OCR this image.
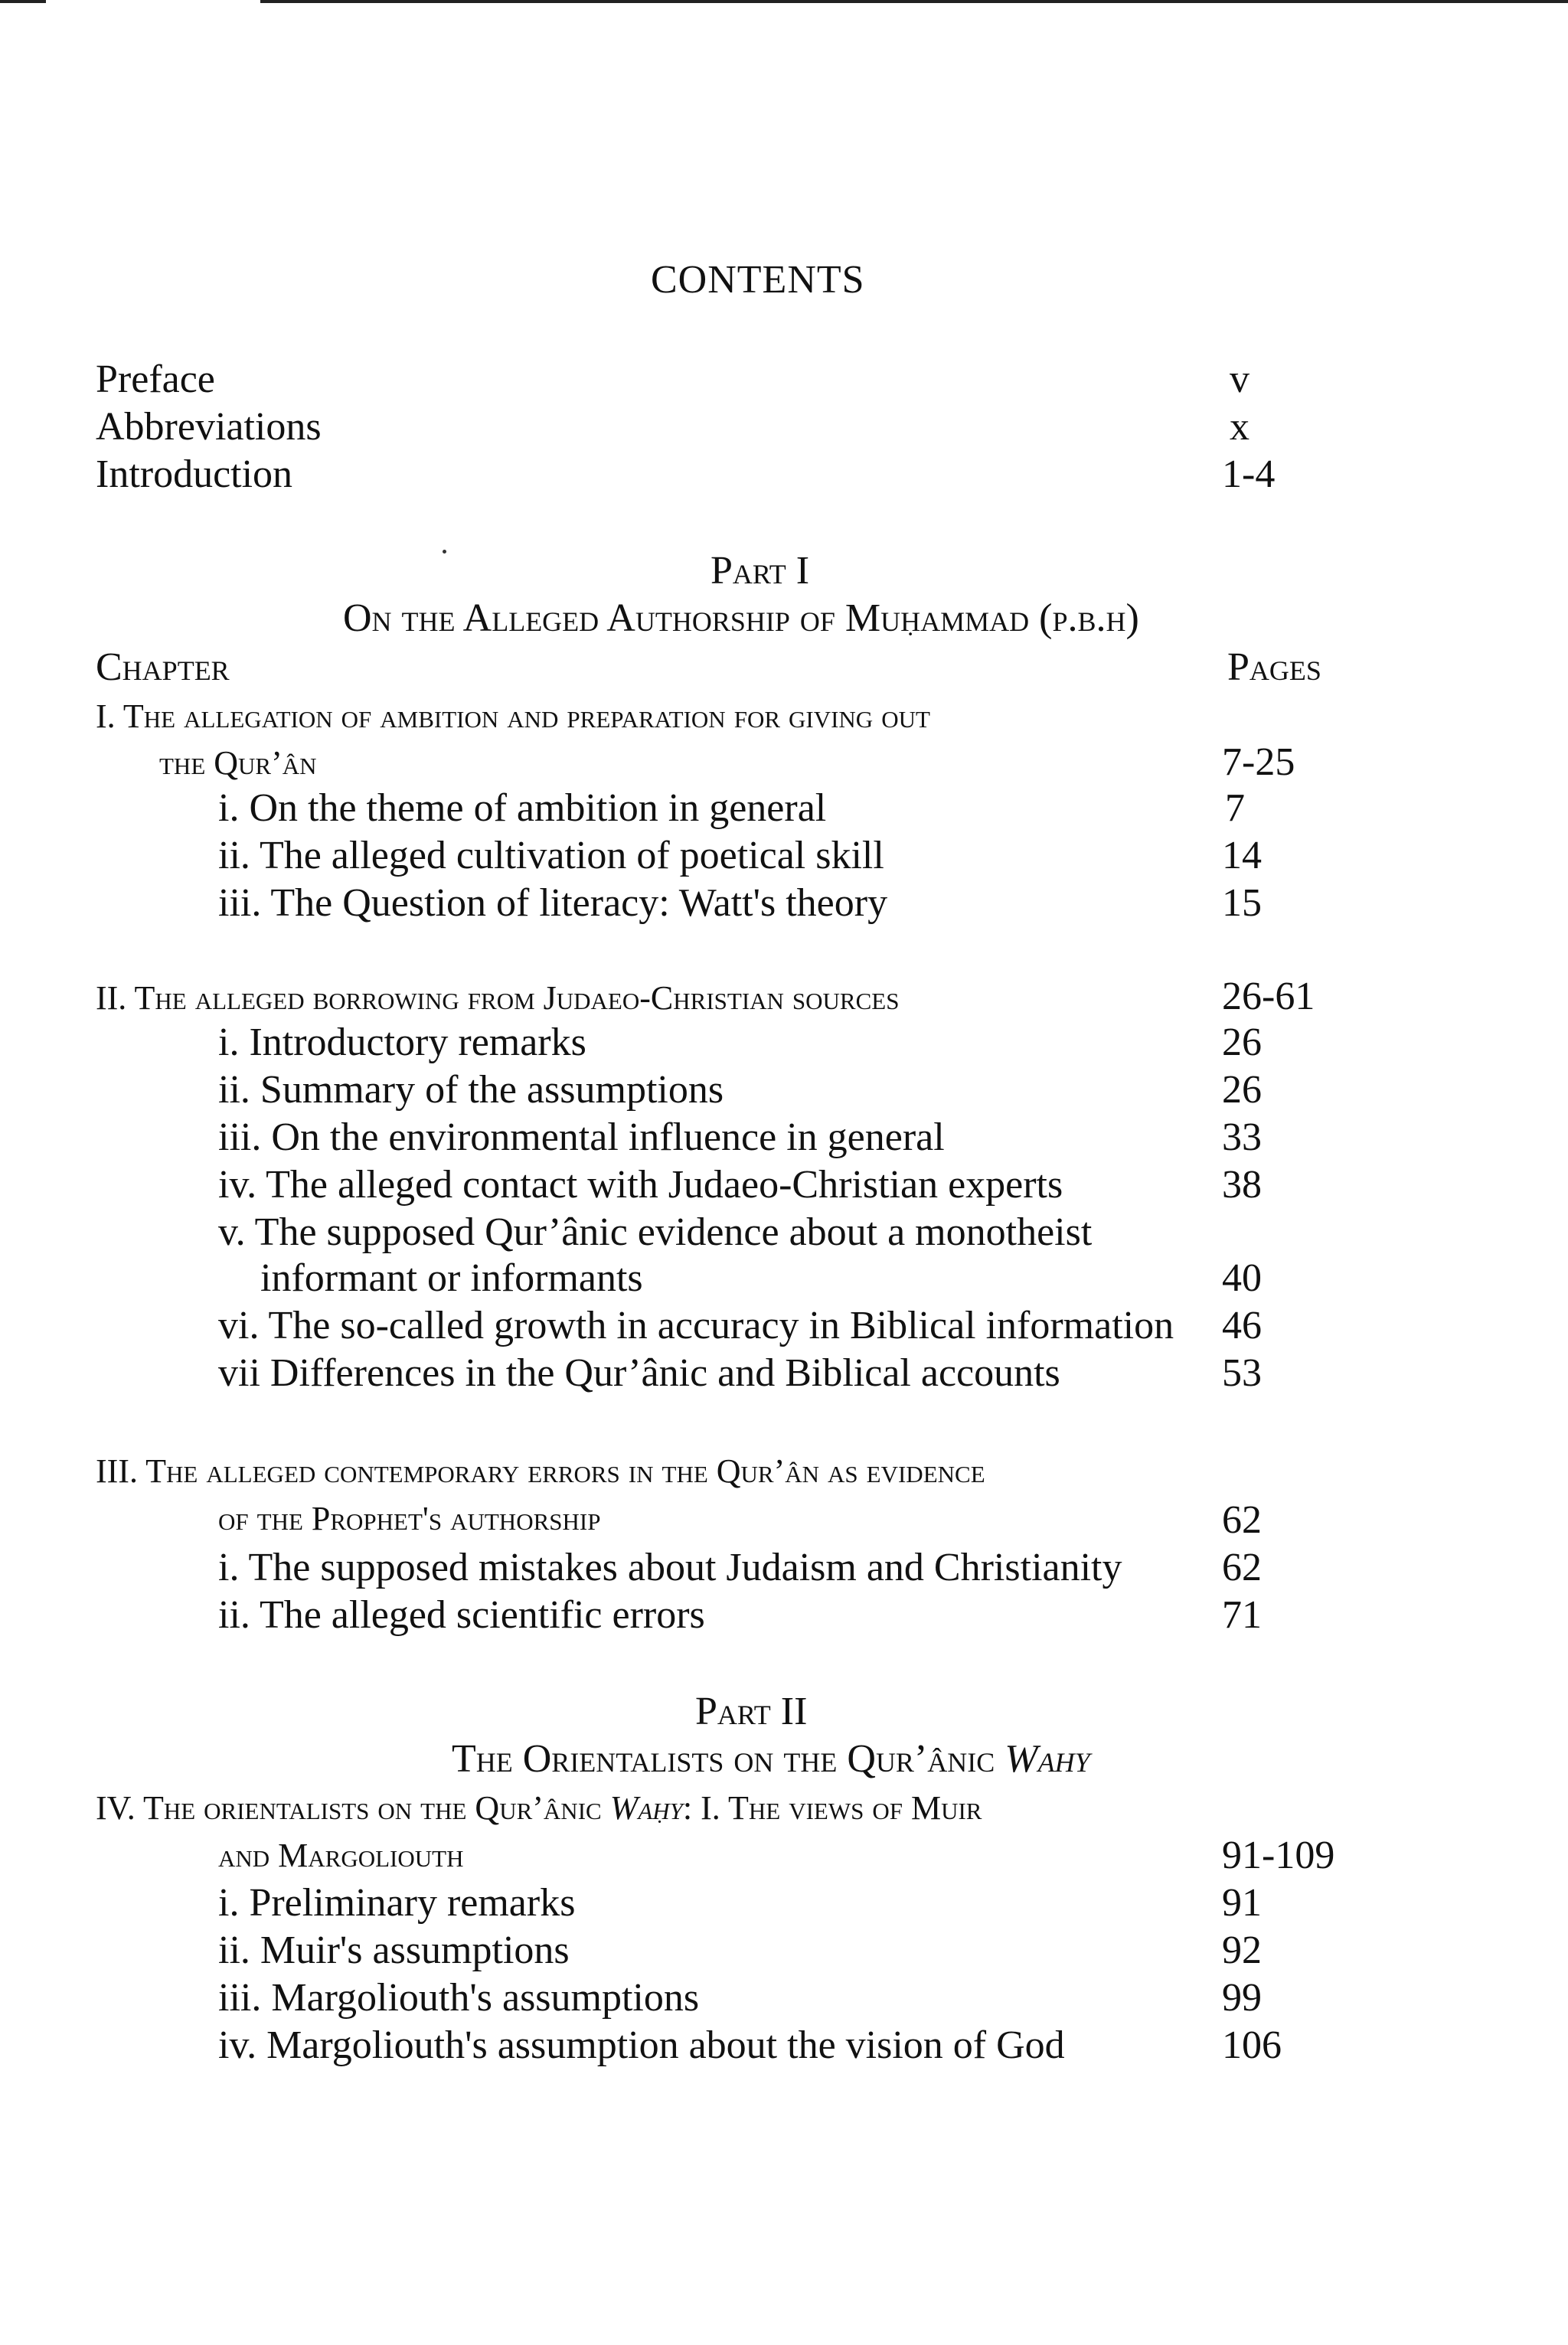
CONTENTS
Preface	v
Abbreviations	x
Introduction	1-4
Part I
On the Alleged Authorship of Muḥammad (p.b.h)
Chapter	Pages
I. The allegation of ambition and preparation for giving out
the Qur’ân	7-25
i. On the theme of ambition in general	7
ii. The alleged cultivation of poetical skill	14
iii. The Question of literacy: Watt's theory	15
II. The alleged borrowing from Judaeo-Christian sources	26-61
i. Introductory remarks	26
ii. Summary of the assumptions	26
iii. On the environmental influence in general	33
iv. The alleged contact with Judaeo-Christian experts	38
v. The supposed Qur’ânic evidence about a monotheist
informant or informants	40
vi. The so-called growth in accuracy in Biblical information 46
vii Differences in the Qur’ânic and Biblical accounts	53
III. The alleged contemporary errors in the Qur’ân as evidence
of the Prophet's authorship	62
i. The supposed mistakes about Judaism and Christianity	62
ii. The alleged scientific errors	71
Part II
The Orientalists on the Qur’ânic Wahy
IV. The orientalists on the Qur’ânic Waḥy: I. The views of Muir
and Margoliouth	91-109
i. Preliminary remarks	91
ii. Muir's assumptions	92
iii. Margoliouth's assumptions	99
iv. Margoliouth's assumption about the vision of God	106
